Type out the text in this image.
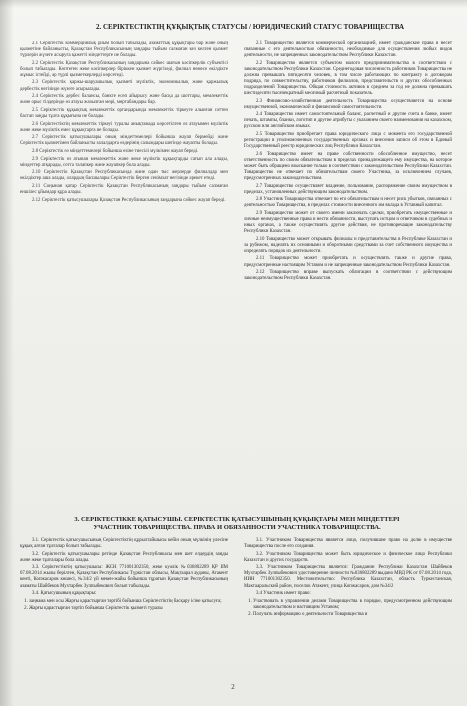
2. СЕРІКТЕСТІКТІҢ ҚҰҚЫҚТЫҚ СТАТУСЫ / ЮРИДИЧЕСКИЙ СТАТУС ТОВАРИЩЕСТВА

2.1 Серіктестік коммерциялық ұйым болып табылады, азаматтық құқықтары бар және оның қызметіне байланысты, Қазақстан Республикасының заңдары тыйым салмаған кез келген қызмет түрлерін жүзеге асыруға қажетті міндеттерге ие болады.

2.2 Серіктестік Қазақстан Республикасының заңдарына сәйкес шағын кәсіпкерлік субъектісі болып табылады. Көптеген жеке кәсіпкерлер біріккен қызмет жүргізеді, филиал немесе өкілдікте жұмыс істейді, әр түрлі қызметкерлерді көрсетеді.

2.3 Серіктестік қаржы-шаруашылық қызметі мүліктік, экономикалық және қаржылық дербестік негізінде жүзеге асырылады.

2.4 Серіктестік дербес балансы, банкте есеп айырысу және басқа да шоттары, мемлекеттік және орыс тілдерінде өз атауы жазылған мөрі, мөртабандары бар.

2.5 Серіктестік құқықтық мемлекеттік органдарында мемлекеттік тіркеуге алынған сәттен бастап заңды тұлға құқығына ие болады.

2.6 Серіктестіктің мемлекеттік тіркеуі туралы анықтамада көрсетілген өз атауымен мүліктік және жеке мүліктік емес құқықтарға ие болады.

2.7 Серіктестік қатысушылары оның міндеттемелері бойынша жауап бермейді және Серіктестік қызметімен байланысты залалдарға өздерінің салымдары шегінде жауапты болады.

2.8 Серіктестік өз міндеттемелері бойынша өзіне тиесілі мүлкімен жауап береді.

2.9 Серіктестік өз атынан мемлекеттік және жеке мүліктік құқықтарды сатып ала алады, міндеттер атқарады, сотта талапкер және жауапкер бола алады.

2.10 Серіктестік Қазақстан Республикасында және одан тыс жерлерде филиалдар мен өкілдіктер аша алады, олардың басшылары Серіктестік берген сенімхат негізінде әрекет етеді.

2.11 Соңынан қатар Серіктестік Қазақстан Республикасының заңдары тыйым салмаған еншілес ұйымдар құра алады.

2.12 Серіктестік қатысушылары Қазақстан Республикасының заңдарына сәйкес жауап береді.

2.1 Товарищество является коммерческой организацией, имеет гражданские права и несет связанные с его деятельностью обязанности, необходимые для осуществления любых видов деятельности, не запрещенных законодательством Республики Казахстан.

2.2 Товарищество является субъектом малого предпринимательства в соответствии с законодательством Республики Казахстан. Среднегодовая численность работников Товарищества не должна превышать пятидесяти человек, в том числе работающих по контракту и договорам подряда, по совместительству, работников филиалов, представительств и других обособленных подразделений Товарищества. Общая стоимость активов в среднем за год не должна превышать шестидесяти тысячекратный месячный расчетный показатель.

2.3 Финансово-хозяйственная деятельность Товарищества осуществляется на основе имущественной, экономической и финансовой самостоятельности.

2.4 Товарищество имеет самостоятельный баланс, расчетный и другие счета в банке, имеет печать, штампы, бланки, логотип и другие атрибуты с указанием своего наименования на казахском, русском или английском языках.

2.5 Товарищество приобретает права юридического лица с момента его государственной регистрации в уполномоченных государственных органах и внесения записи об этом в Единый Государственный реестр юридических лиц Республики Казахстан.

2.6 Товарищество имеет на праве собственности обособленное имущество, несет ответственность по своим обязательствам в пределах принадлежащего ему имущества, на которое может быть обращено взыскание только в соответствии с законодательством Республики Казахстан. Товарищество не отвечает по обязательствам своего Участника, за исключением случаев, предусмотренных законодательством.

2.7 Товарищество осуществляет владение, пользование, распоряжение своим имуществом в пределах, установленных действующим законодательством.

2.8 Участник Товарищества отвечает по его обязательствам и несет риск убытков, связанных с деятельностью Товарищества, в пределах стоимости внесенного им вклада в Уставный капитал.

2.9 Товарищество может от своего имени заключать сделки, приобретать имущественные и личные неимущественные права и нести обязанности, выступать истцом и ответчиком в судебных и иных органах, а также осуществлять другие действия, не противоречащие законодательству Республики Казахстан.

2.10 Товарищество может открывать филиалы и представительства в Республике Казахстан и за рубежом, наделять их основными и оборотными средствами за счет собственного имущества и определять порядок их деятельности.

2.11 Товарищество может приобретать и осуществлять также и другие права, предусмотренные настоящим Уставом и не запрещенные законодательством Республики Казахстан.

2.12 Товарищество вправе выпускать облигации в соответствии с действующим законодательством Республики Казахстан.

3. СЕРІКТЕСТІККЕ ҚАТЫСУШЫ. СЕРІКТЕСТІК ҚАТЫСУШЫНЫҢ ҚҰҚЫҚТАРЫ МЕН МІНДЕТТЕРІ
УЧАСТНИК ТОВАРИЩЕСТВА. ПРАВА И ОБЯЗАННОСТИ УЧАСТНИКА ТОВАРИЩЕСТВА.

3.1. Серіктестік қатысушысының Серіктестіктің құрылтайшысы кейін оның мүлкінің үлесіне құқық алған тұлғалар болып табылады.

3.2. Серіктестік қатысушылары ретінде Қазақстан Республикасы мен шет елдердің заңды және жеке тұлғалары бола алады.

3.3. Серіктестіктің қатысушысы: ЖСН 771001302350, жеке куәлік №036802289 ҚР ІІМ 07.08.2014 жылы берілген, Қазақстан Республикасы Түркістан облысы, Мақтаарал ауданы, Атакент кенті, Копжасаров көшесі, №34/2 үй мекен-жайы бойынша тұратын Қазақстан Республикасының азаматы Шайбеков Мухтарбек Зулпыбекович болып табылады.

3.4. Қатысушының құқықтары:

1. заңнама мен осы Жарғы қарастырған тәртібі бойынша Серіктестіктің басқару ісіне қатысуға;
2. Жарғы қарастырған тәртіп бойынша Серіктестік қызметі туралы

3.1. Участником Товарищества является лицо, получившие право на долю в имуществе Товарищества после его создания.

3.2. Участником Товарищества может быть юридическое и физическое лицо Республики Казахстан и других государств.

3.3. Участником Товарищества является: Гражданин Республики Казахстан Шайбеков Мухтарбек Зулпыбекович удостоверение личности №036802289 выдано МВД РК от 07.08.2014 года, ИИН 771001302350. Местожительство: Республика Казахстан, область Туркестанская, Мактааральский район, поселок Атакент, улица Копжасаров, дом №34/2

3.4 Участник имеет право:

1. Участвовать в управлении делами Товарищества в порядке, предусмотренном действующим законодательством и настоящим Уставом;
2. Получать информацию о деятельности Товарищества и
2
